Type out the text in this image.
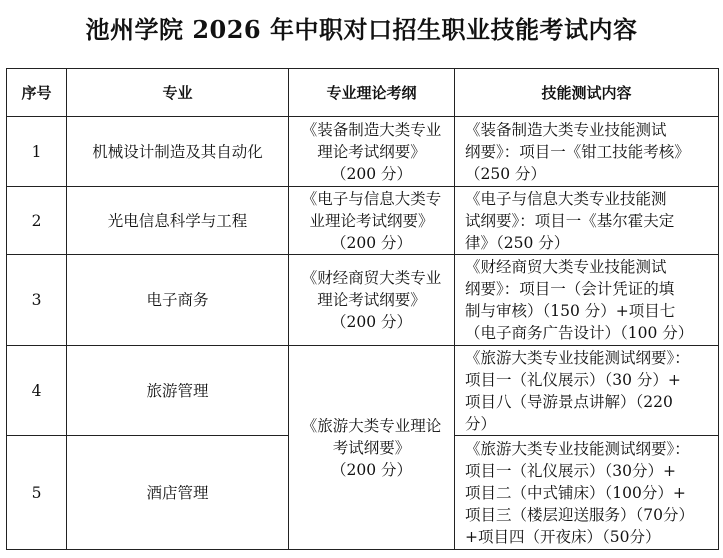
池州学院 2026 年中职对口招生职业技能考试内容
序号	专业	专业理论考纲	技能测试内容
1	机械设计制造及其自动化	《装备制造大类专业
理论考试纲要》
（200 分）	《装备制造大类专业技能测试
纲要》：项目一《钳工技能考核》
（250 分）

2	光电信息科学与工程	《电子与信息大类专
业理论考试纲要》
（200 分）	《电子与信息大类专业技能测
试纲要》：项目一《基尔霍夫定
律》（250 分）

3	电子商务	《财经商贸大类专业
理论考试纲要》
（200 分）	《财经商贸大类专业技能测试
纲要》：项目一（会计凭证的填
制与审核）（150 分）+项目七
（电子商务广告设计）（100 分）

4	旅游管理	《旅游大类专业理论
考试纲要》
（200 分）	《旅游大类专业技能测试纲要》：
项目一（礼仪展示）（30 分）+
项目八（导游景点讲解）（220
分）

5	酒店管理		《旅游大类专业技能测试纲要》：
项目一（礼仪展示）（30分）+
项目二（中式铺床）（100分）+
项目三（楼层迎送服务）（70分）
+项目四（开夜床）（50分）
